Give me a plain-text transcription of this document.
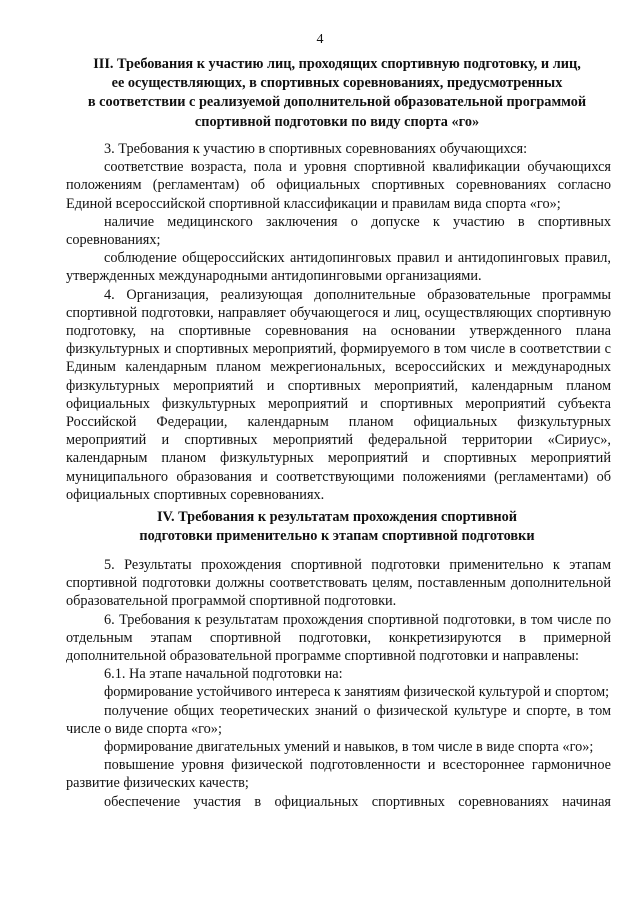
4
III. Требования к участию лиц, проходящих спортивную подготовку, и лиц,
ее осуществляющих, в спортивных соревнованиях, предусмотренных
в соответствии с реализуемой дополнительной образовательной программой
спортивной подготовки по виду спорта «го»

3. Требования к участию в спортивных соревнованиях обучающихся:

соответствие возраста, пола и уровня спортивной квалификации обучающихся положениям (регламентам) об официальных спортивных соревнованиях согласно Единой всероссийской спортивной классификации и правилам вида спорта «го»;

наличие медицинского заключения о допуске к участию в спортивных соревнованиях;

соблюдение общероссийских антидопинговых правил и антидопинговых правил, утвержденных международными антидопинговыми организациями.

4. Организация, реализующая дополнительные образовательные программы спортивной подготовки, направляет обучающегося и лиц, осуществляющих спортивную подготовку, на спортивные соревнования на основании утвержденного плана физкультурных и спортивных мероприятий, формируемого в том числе в соответствии с Единым календарным планом межрегиональных, всероссийских и международных физкультурных мероприятий и спортивных мероприятий, календарным планом официальных физкультурных мероприятий и спортивных мероприятий субъекта Российской Федерации, календарным планом официальных физкультурных мероприятий и спортивных мероприятий федеральной территории «Сириус», календарным планом физкультурных мероприятий и спортивных мероприятий муниципального образования и соответствующими положениями (регламентами) об официальных спортивных соревнованиях.

IV. Требования к результатам прохождения спортивной
подготовки применительно к этапам спортивной подготовки

5. Результаты прохождения спортивной подготовки применительно к этапам спортивной подготовки должны соответствовать целям, поставленным дополнительной образовательной программой спортивной подготовки.

6. Требования к результатам прохождения спортивной подготовки, в том числе по отдельным этапам спортивной подготовки, конкретизируются в примерной дополнительной образовательной программе спортивной подготовки и направлены:

6.1. На этапе начальной подготовки на:

формирование устойчивого интереса к занятиям физической культурой и спортом;

получение общих теоретических знаний о физической культуре и спорте, в том числе о виде спорта «го»;

формирование двигательных умений и навыков, в том числе в виде спорта «го»;

повышение уровня физической подготовленности и всестороннее гармоничное развитие физических качеств;

обеспечение участия в официальных спортивных соревнованиях начиная
